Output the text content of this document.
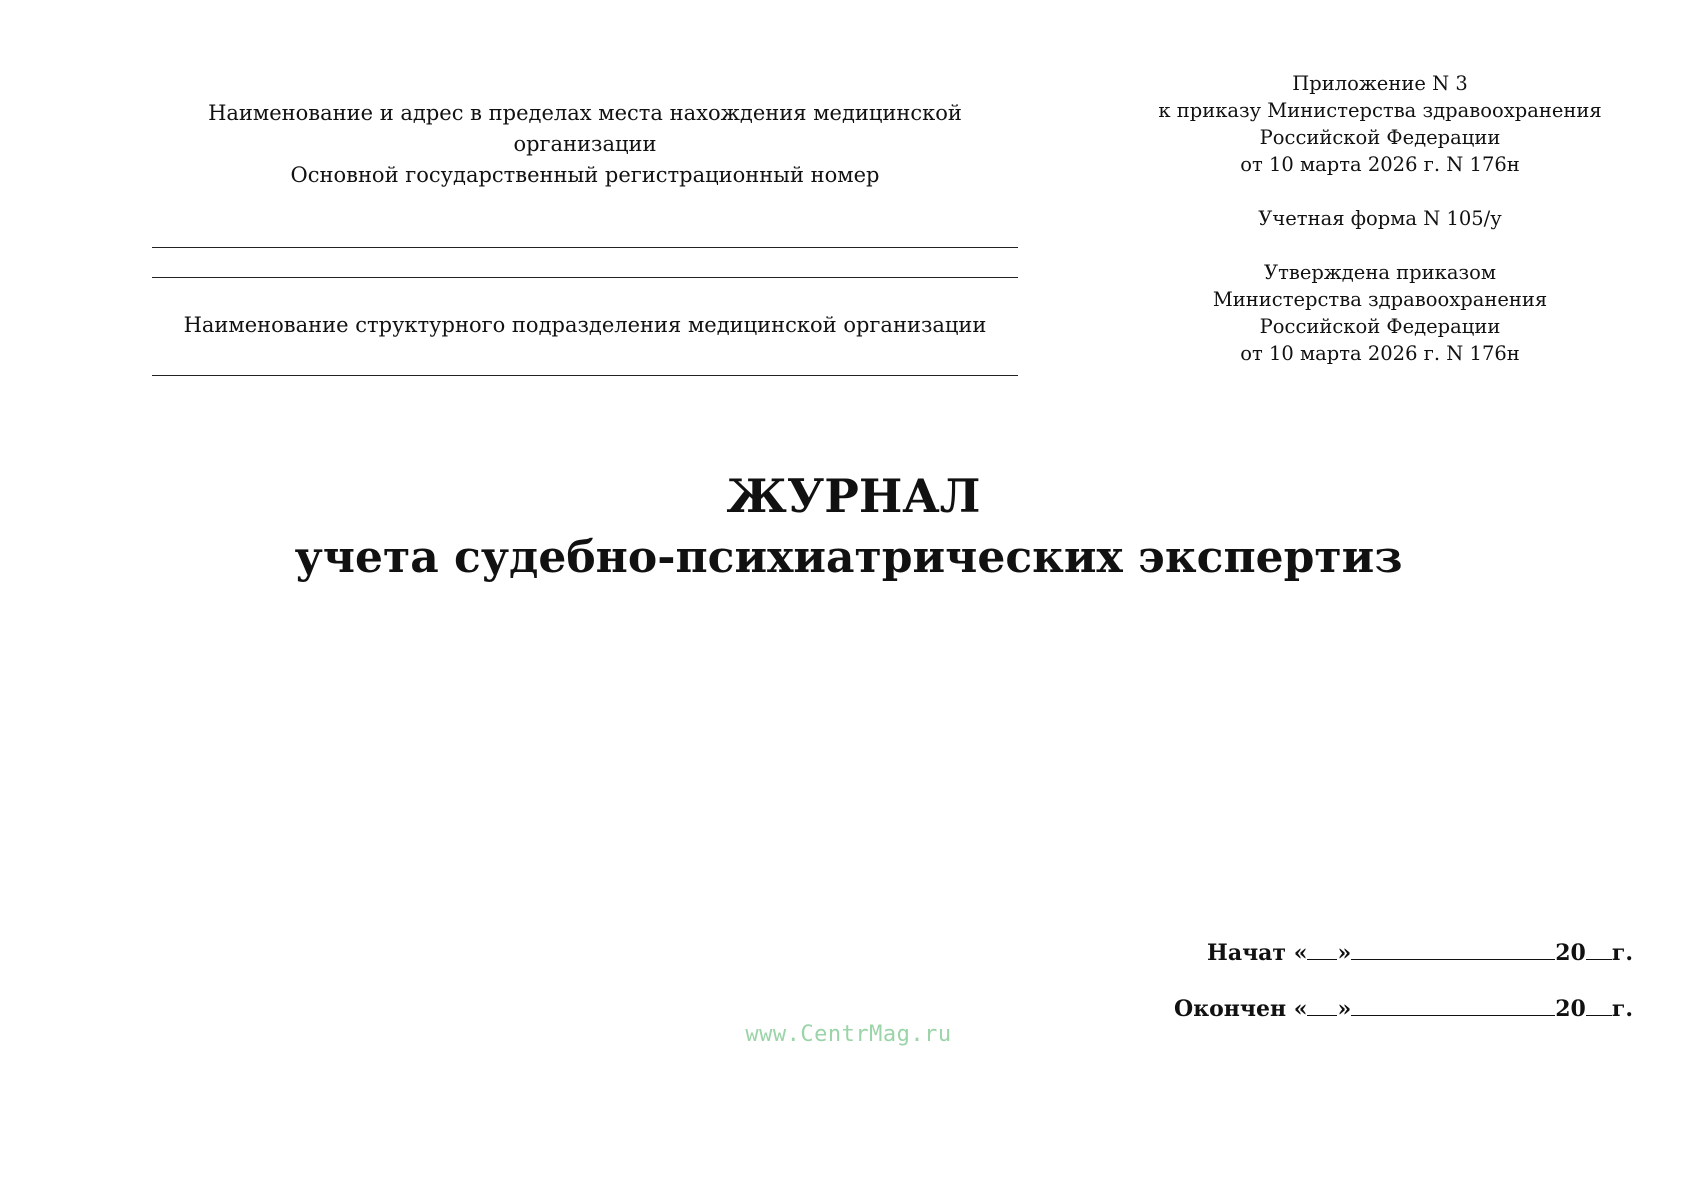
Наименование и адрес в пределах места нахождения медицинской организации
Основной государственный регистрационный номер
Наименование структурного подразделения медицинской организации
Приложение N 3
к приказу Министерства здравоохранения
Российской Федерации
от 10 марта 2026 г. N 176н
Учетная форма N 105/у
Утверждена приказом
Министерства здравоохранения
Российской Федерации
от 10 марта 2026 г. N 176н
ЖУРНАЛ
учета судебно-психиатрических экспертиз
Начат « »	20 г.
Окончен « »	20 г.
www.CentrMag.ru
